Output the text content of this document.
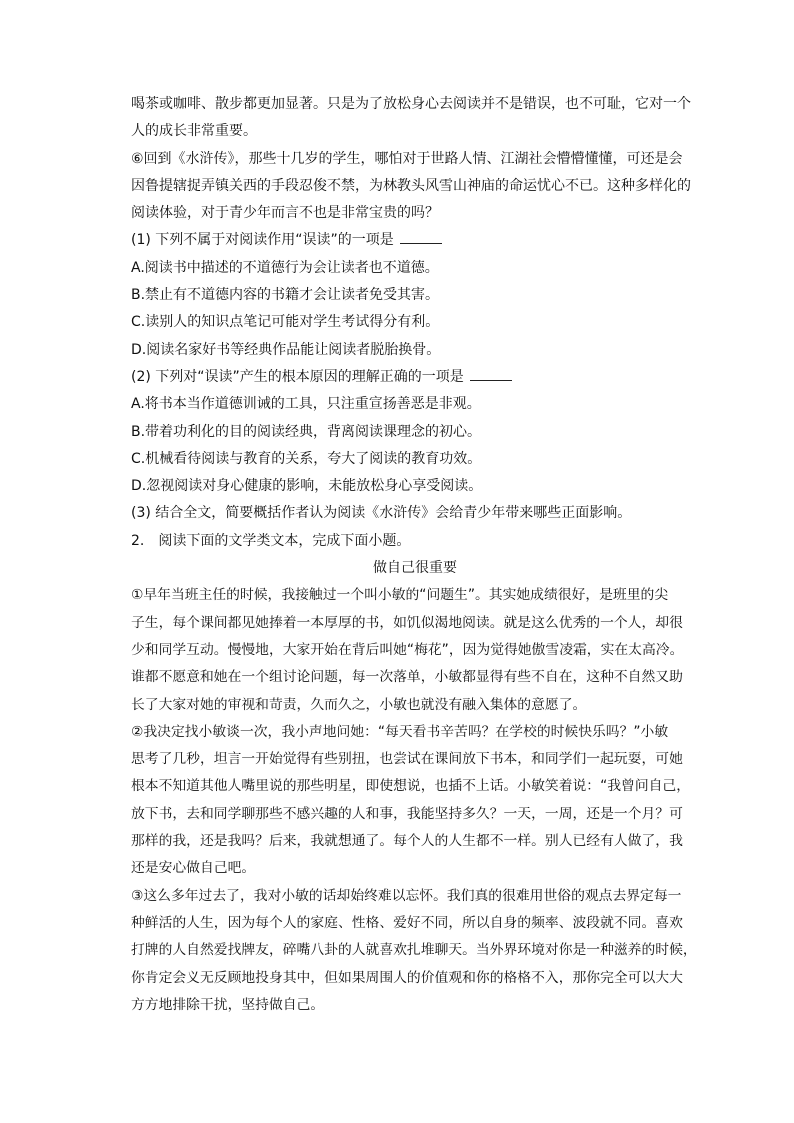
喝茶或咖啡、散步都更加显著。只是为了放松身心去阅读并不是错误，也不可耻，它对一个
人的成长非常重要。
⑥回到《水浒传》，那些十几岁的学生，哪怕对于世路人情、江湖社会懵懵懂懂，可还是会
因鲁提辖捉弄镇关西的手段忍俊不禁，为林教头风雪山神庙的命运忧心不已。这种多样化的
阅读体验，对于青少年而言不也是非常宝贵的吗？
(1) 下列不属于对阅读作用“误读”的一项是
A.阅读书中描述的不道德行为会让读者也不道德。
B.禁止有不道德内容的书籍才会让读者免受其害。
C.读别人的知识点笔记可能对学生考试得分有利。
D.阅读名家好书等经典作品能让阅读者脱胎换骨。
(2) 下列对“误读”产生的根本原因的理解正确的一项是
A.将书本当作道德训诫的工具，只注重宣扬善恶是非观。
B.带着功利化的目的阅读经典，背离阅读课理念的初心。
C.机械看待阅读与教育的关系，夸大了阅读的教育功效。
D.忽视阅读对身心健康的影响，未能放松身心享受阅读。
(3) 结合全文，简要概括作者认为阅读《水浒传》会给青少年带来哪些正面影响。
2.　阅读下面的文学类文本，完成下面小题。
做自己很重要
①早年当班主任的时候，我接触过一个叫小敏的“问题生”。其实她成绩很好，是班里的尖
子生，每个课间都见她捧着一本厚厚的书，如饥似渴地阅读。就是这么优秀的一个人，却很
少和同学互动。慢慢地，大家开始在背后叫她“梅花”，因为觉得她傲雪凌霜，实在太高冷。
谁都不愿意和她在一个组讨论问题，每一次落单，小敏都显得有些不自在，这种不自然又助
长了大家对她的审视和苛责，久而久之，小敏也就没有融入集体的意愿了。
②我决定找小敏谈一次，我小声地问她：“每天看书辛苦吗？在学校的时候快乐吗？”小敏
思考了几秒，坦言一开始觉得有些别扭，也尝试在课间放下书本，和同学们一起玩耍，可她
根本不知道其他人嘴里说的那些明星，即使想说，也插不上话。小敏笑着说：“我曾问自己，
放下书，去和同学聊那些不感兴趣的人和事，我能坚持多久？一天，一周，还是一个月？可
那样的我，还是我吗？后来，我就想通了。每个人的人生都不一样。别人已经有人做了，我
还是安心做自己吧。
③这么多年过去了，我对小敏的话却始终难以忘怀。我们真的很难用世俗的观点去界定每一
种鲜活的人生，因为每个人的家庭、性格、爱好不同，所以自身的频率、波段就不同。喜欢
打牌的人自然爱找牌友，碎嘴八卦的人就喜欢扎堆聊天。当外界环境对你是一种滋养的时候，
你肯定会义无反顾地投身其中，但如果周围人的价值观和你的格格不入，那你完全可以大大
方方地排除干扰，坚持做自己。
